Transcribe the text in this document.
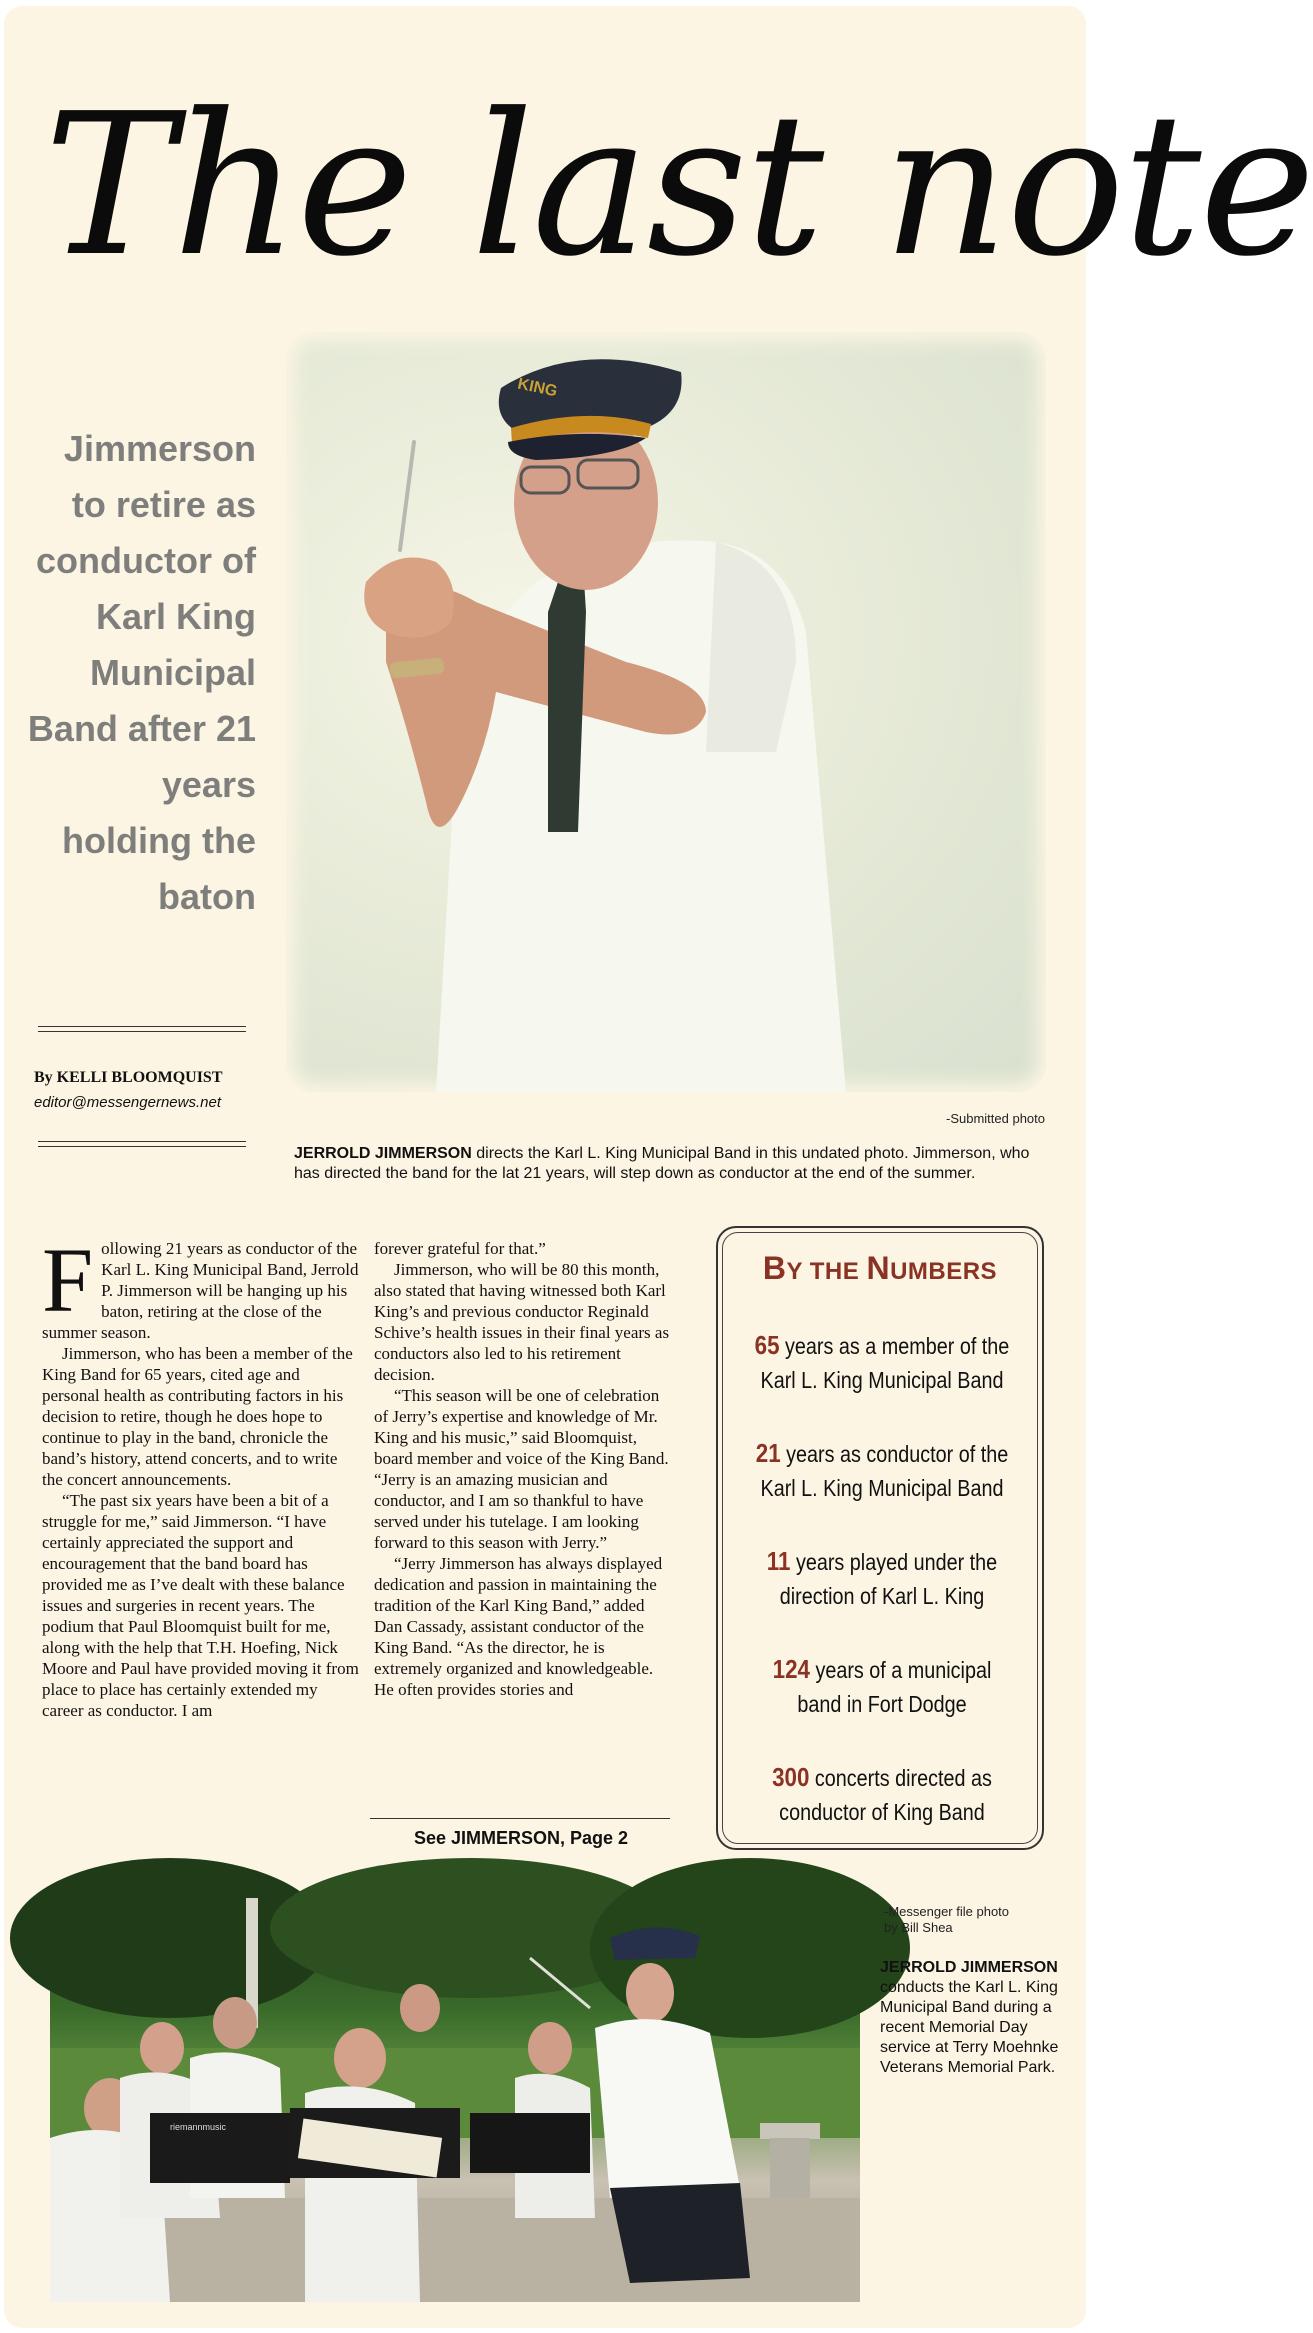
The last note
Jimmerson to retire as conductor of Karl King Municipal Band after 21 years holding the baton
KING
-Submitted photo
By KELLI BLOOMQUIST
editor@messengernews.net
JERROLD JIMMERSON directs the Karl L. King Municipal Band in this undated photo. Jimmerson, who has directed the band for the lat 21 years, will step down as conductor at the end of the summer.

Following 21 years as conductor of the Karl L. King Municipal Band, Jerrold P. Jimmerson will be hanging up his baton, retiring at the close of the summer season.

Jimmerson, who has been a member of the King Band for 65 years, cited age and personal health as contributing factors in his decision to retire, though he does hope to continue to play in the band, chronicle the band’s history, attend concerts, and to write the concert announcements.

“The past six years have been a bit of a struggle for me,” said Jimmerson. “I have certainly appreciated the support and encouragement that the band board has provided me as I’ve dealt with these balance issues and surgeries in recent years. The podium that Paul Bloomquist built for me, along with the help that T.H. Hoefing, Nick Moore and Paul have provided moving it from place to place has certainly extended my career as conductor. I am

forever grateful for that.”

Jimmerson, who will be 80 this month, also stated that having witnessed both Karl King’s and previous conductor Reginald Schive’s health issues in their final years as conductors also led to his retirement decision.

“This season will be one of celebration of Jerry’s expertise and knowledge of Mr. King and his music,” said Bloomquist, board member and voice of the King Band. “Jerry is an amazing musician and conductor, and I am so thankful to have served under his tutelage. I am looking forward to this season with Jerry.”

“Jerry Jimmerson has always displayed dedication and passion in maintaining the tradition of the Karl King Band,” added Dan Cassady, assistant conductor of the King Band. “As the director, he is extremely organized and knowledgeable. He often provides stories and

See JIMMERSON, Page 2
BY THE NUMBERS
65 years as a member of the Karl L. King Municipal Band
21 years as conductor of the Karl L. King Municipal Band
11 years played under the direction of Karl L. King
124 years of a municipal band in Fort Dodge
300 concerts directed as conductor of King Band
riemannmusic
-Messenger file photo
by Bill Shea
JERROLD JIMMERSON conducts the Karl L. King Municipal Band during a recent Memorial Day service at Terry Moehnke Veterans Memorial Park.
